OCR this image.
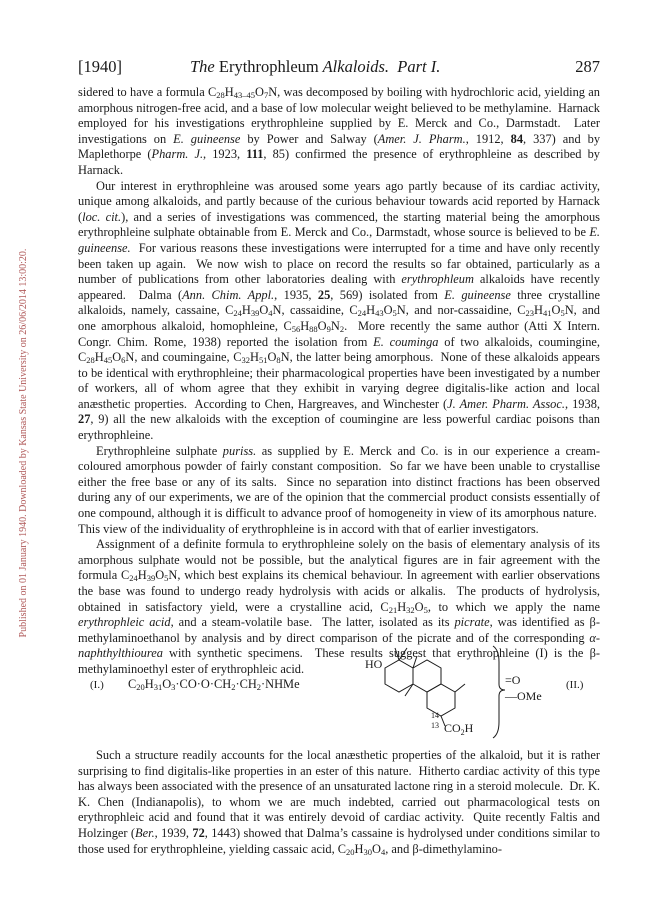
Published on 01 January 1940. Downloaded by Kansas State University on 26/06/2014 13:00:20.
[1940]	The Erythrophleum Alkaloids.  Part I.	287

sidered to have a formula $C_{28}H_{43-45}O_7N$, was decomposed by boiling with hydrochloric acid, yielding an amorphous nitrogen-free acid, and a base of low molecular weight believed to be methylamine.  Harnack employed for his investigations erythrophleine supplied by E. Merck and Co., Darmstadt.  Later investigations on E. guineense by Power and Salway (Amer. J. Pharm., 1912, 84, 337) and by Maplethorpe (Pharm. J., 1923, 111, 85) confirmed the presence of erythrophleine as described by Harnack.

Our interest in erythrophleine was aroused some years ago partly because of its cardiac activity, unique among alkaloids, and partly because of the curious behaviour towards acid reported by Harnack (loc. cit.), and a series of investigations was commenced, the starting material being the amorphous erythrophleine sulphate obtainable from E. Merck and Co., Darmstadt, whose source is believed to be E. guineense.  For various reasons these investigations were interrupted for a time and have only recently been taken up again.  We now wish to place on record the results so far obtained, particularly as a number of publications from other laboratories dealing with erythrophleum alkaloids have recently appeared.  Dalma (Ann. Chim. Appl., 1935, 25, 569) isolated from E. guineense three crystalline alkaloids, namely, cassaine, $C_{24}H_{39}O_4N$, cassaidine, $C_{24}H_{43}O_5N$, and nor-cassaidine, $C_{23}H_{41}O_5N$, and one amorphous alkaloid, homophleine, $C_{56}H_{88}O_9N_2$.  More recently the same author (Atti X Intern. Congr. Chim. Rome, 1938) reported the isolation from E. couminga of two alkaloids, coumingine, $C_{28}H_{45}O_6N$, and coumingaine, $C_{32}H_{51}O_8N$, the latter being amorphous.  None of these alkaloids appears to be identical with erythrophleine; their pharmacological properties have been investigated by a number of workers, all of whom agree that they exhibit in varying degree digitalis-like action and local anæsthetic properties.  According to Chen, Hargreaves, and Winchester (J. Amer. Pharm. Assoc., 1938, 27, 9) all the new alkaloids with the exception of coumingine are less powerful cardiac poisons than erythrophleine.

Erythrophleine sulphate puriss. as supplied by E. Merck and Co. is in our experience a cream-coloured amorphous powder of fairly constant composition.  So far we have been unable to crystallise either the free base or any of its salts.  Since no separation into distinct fractions has been observed during any of our experiments, we are of the opinion that the commercial product consists essentially of one compound, although it is difficult to advance proof of homogeneity in view of its amorphous nature.  This view of the individuality of erythrophleine is in accord with that of earlier investigators.

Assignment of a definite formula to erythrophleine solely on the basis of elementary analysis of its amorphous sulphate would not be possible, but the analytical figures are in fair agreement with the formula $C_{24}H_{39}O_5N$, which best explains its chemical behaviour. In agreement with earlier observations the base was found to undergo ready hydrolysis with acids or alkalis.  The products of hydrolysis, obtained in satisfactory yield, were a crystalline acid, $C_{21}H_{32}O_5$, to which we apply the name erythrophleic acid, and a steam-volatile base.  The latter, isolated as its picrate, was identified as β-methylaminoethanol by analysis and by direct comparison of the picrate and of the corresponding α-naphthylthiourea with synthetic specimens.  These results suggest that erythrophleine (I) is the β-methylaminoethyl ester of erythrophleic acid.

(I.) $C_{20}H_{31}O_3\cdot CO\cdot O\cdot CH_2\cdot CH_2\cdot NHMe$
HO
14
13 $CO_2H$
=O
—OMe
(II.)

Such a structure readily accounts for the local anæsthetic properties of the alkaloid, but it is rather surprising to find digitalis-like properties in an ester of this nature.  Hitherto cardiac activity of this type has always been associated with the presence of an unsaturated lactone ring in a steroid molecule.  Dr. K. K. Chen (Indianapolis), to whom we are much indebted, carried out pharmacological tests on erythrophleic acid and found that it was entirely devoid of cardiac activity.  Quite recently Faltis and Holzinger (Ber., 1939, 72, 1443) showed that Dalma’s cassaine is hydrolysed under conditions similar to those used for erythrophleine, yielding cassaic acid, $C_{20}H_{30}O_4$, and β-dimethylamino-
